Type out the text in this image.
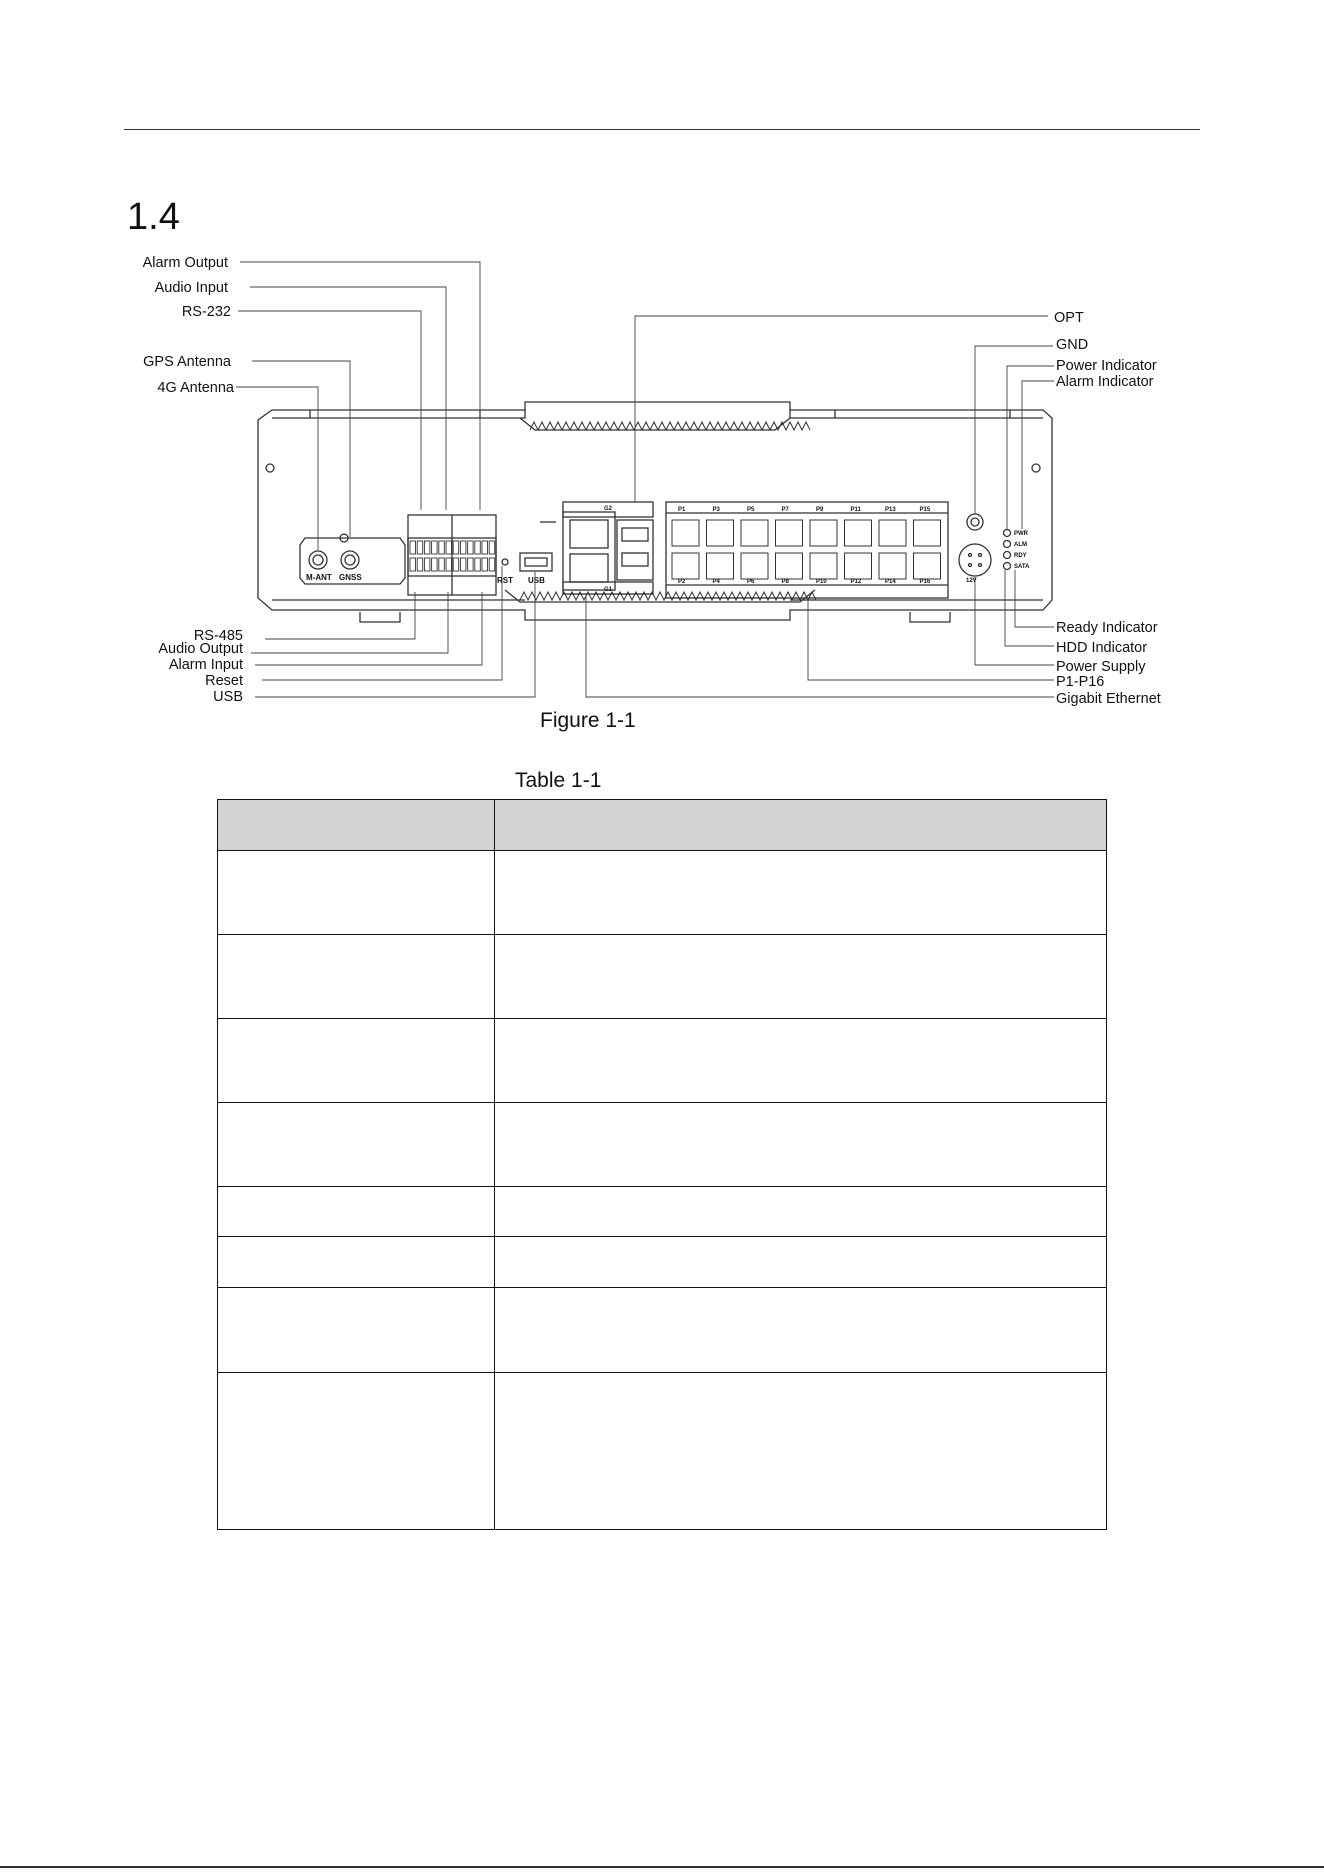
1.4
P1
P2
P3
P4
P5
P6
P7
P8
P9
P10
P11
P12
P13
P14
P15
P16
M-ANT GNSS	RST USB
G2
G1
12V
PWR
ALM
RDY
SATA
Alarm Output
Audio Input
RS-232
GPS Antenna
4G Antenna
RS-485
Audio Output
Alarm Input
Reset
USB
OPT
GND
Power Indicator
Alarm Indicator
Ready Indicator
HDD Indicator
Power Supply
P1-P16
Gigabit Ethernet
Figure 1-1
Table 1-1
